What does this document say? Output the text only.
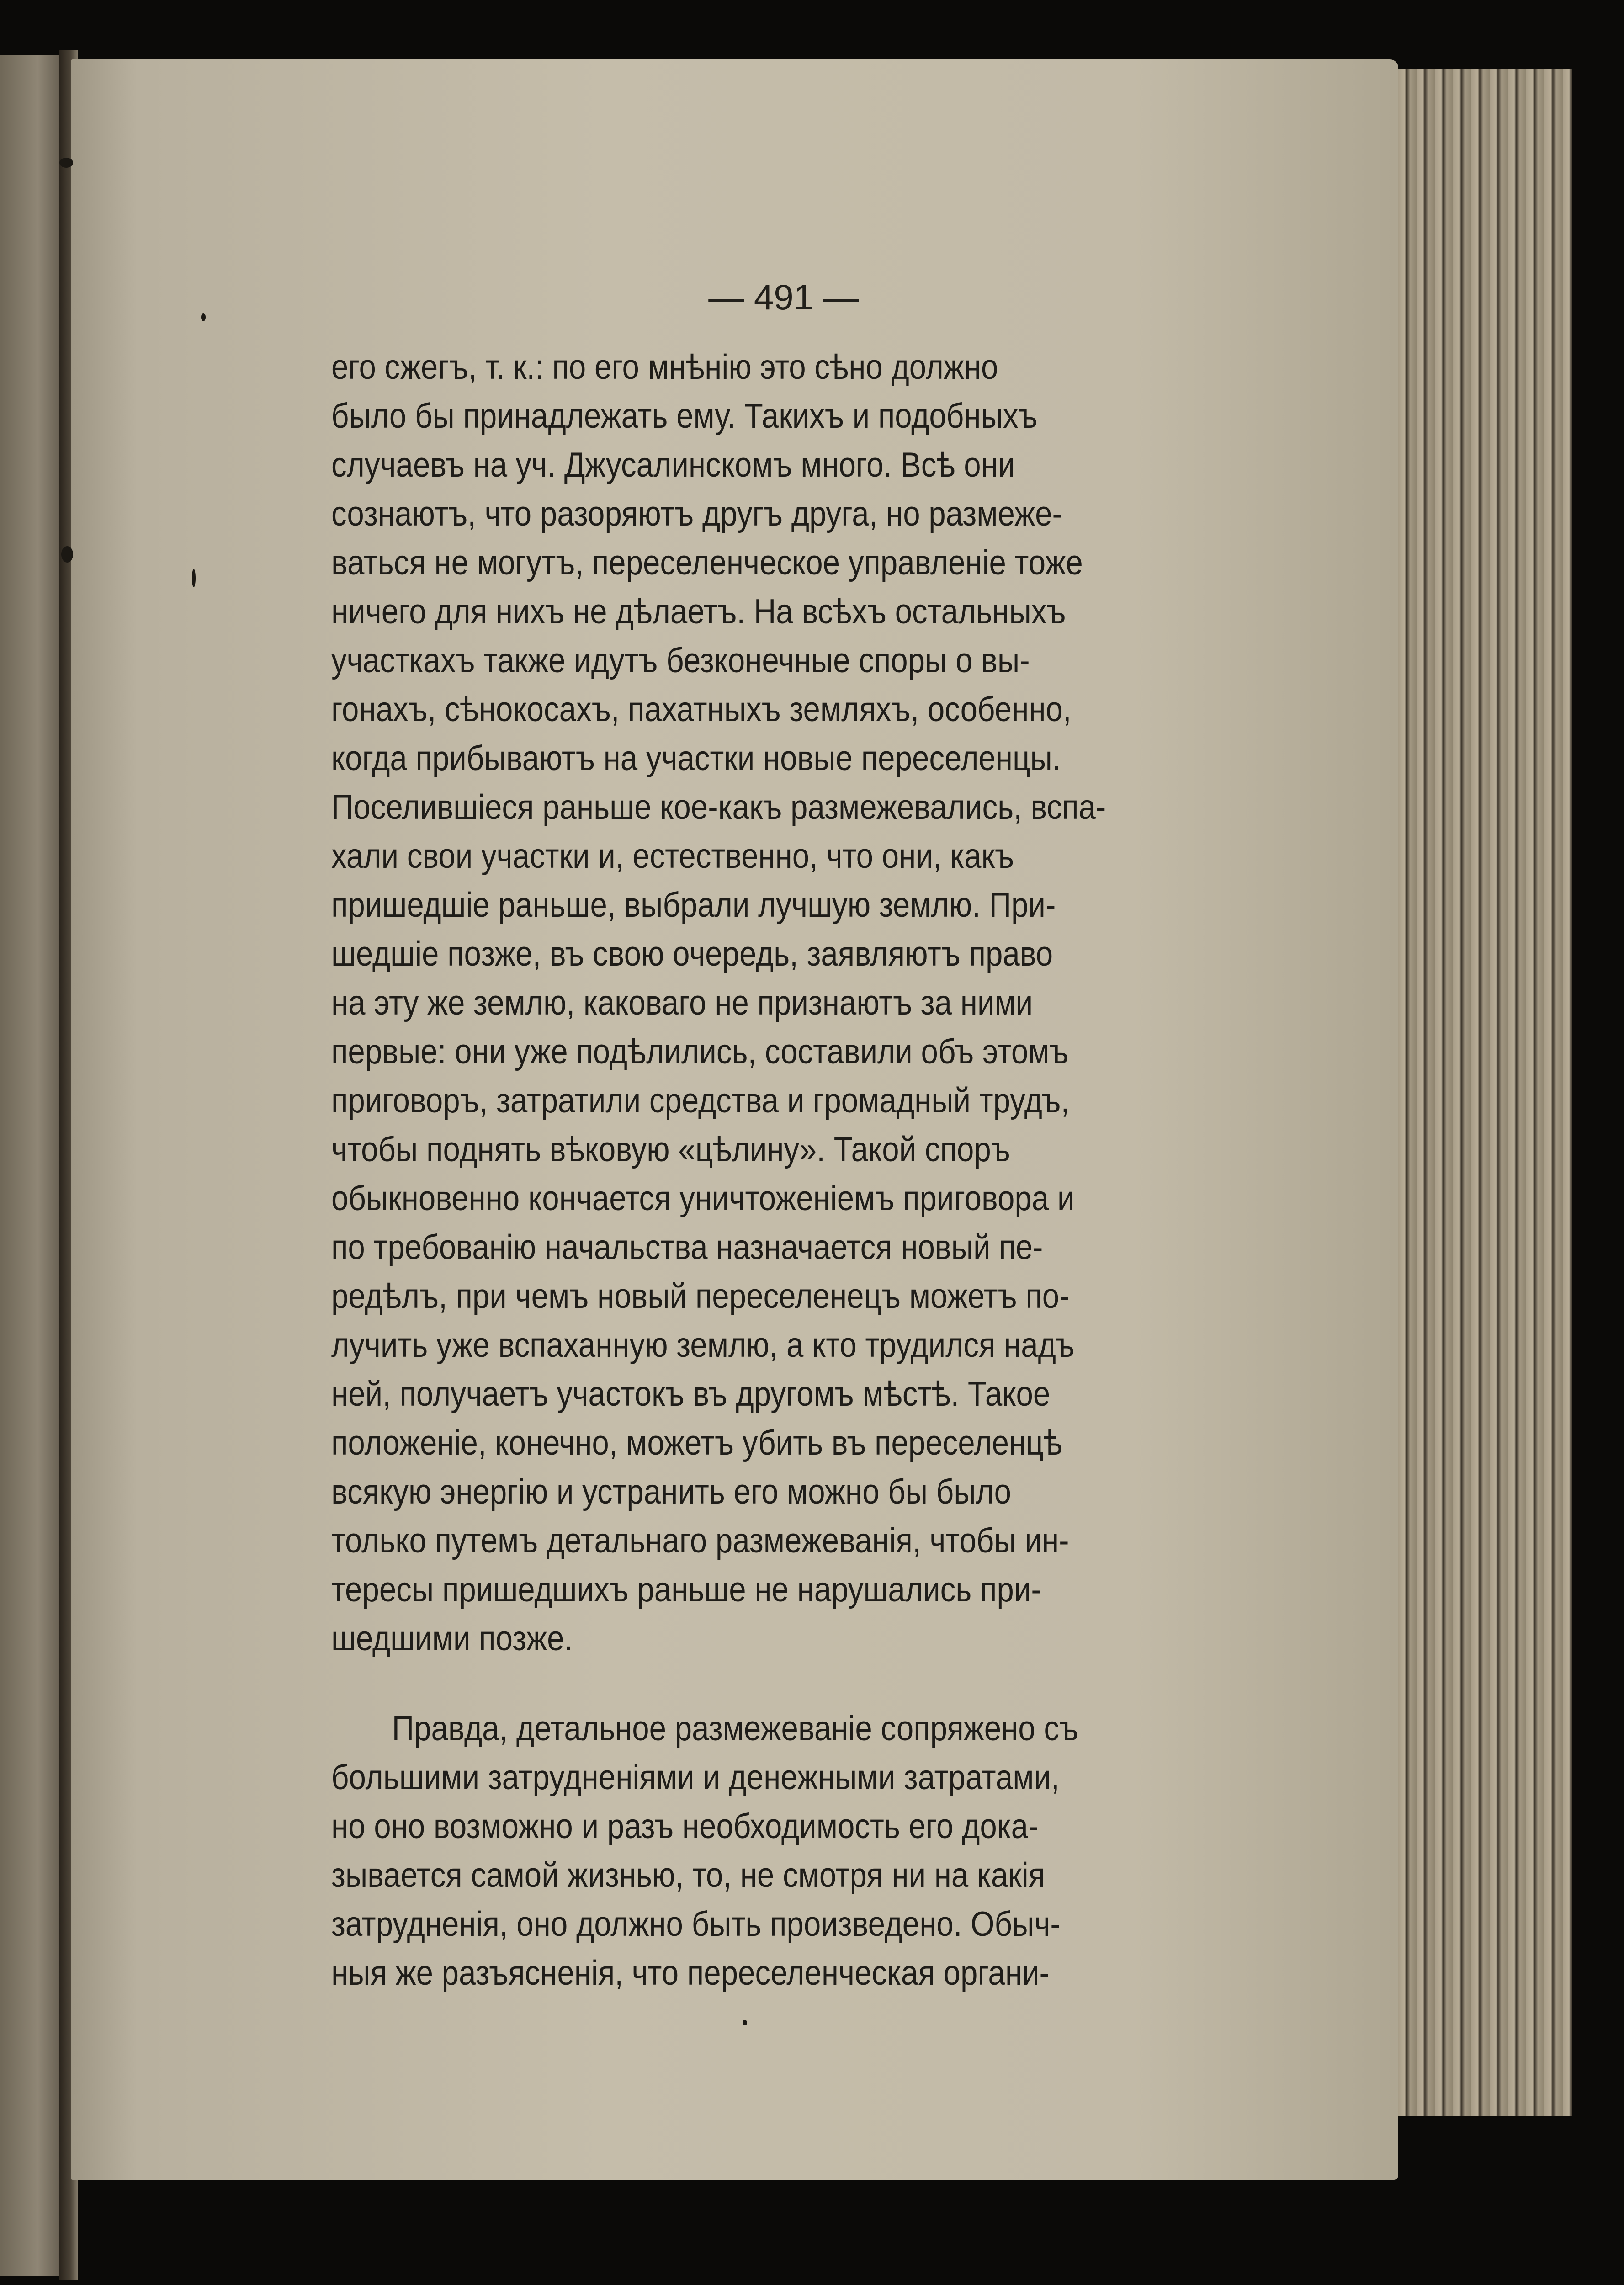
— 491 —
его сжегъ, т. к.: по его мнѣнію это сѣно должно
было бы принадлежать ему. Такихъ и подобныхъ
случаевъ на уч. Джусалинскомъ много. Всѣ они
сознаютъ, что разоряютъ другъ друга, но размеже-
ваться не могутъ, переселенческое управленіе тоже
ничего для нихъ не дѣлаетъ. На всѣхъ остальныхъ
участкахъ также идутъ безконечные споры о вы-
гонахъ, сѣнокосахъ, пахатныхъ земляхъ, особенно,
когда прибываютъ на участки новые переселенцы.
Поселившіеся раньше кое-какъ размежевались, вспа-
хали свои участки и, естественно, что они, какъ
пришедшіе раньше, выбрали лучшую землю. При-
шедшіе позже, въ свою очередь, заявляютъ право
на эту же землю, каковаго не признаютъ за ними
первые: они уже подѣлились, составили объ этомъ
приговоръ, затратили средства и громадный трудъ,
чтобы поднять вѣковую «цѣлину». Такой споръ
обыкновенно кончается уничтоженіемъ приговора и
по требованію начальства назначается новый пе-
редѣлъ, при чемъ новый переселенецъ можетъ по-
лучить уже вспаханную землю, а кто трудился надъ
ней, получаетъ участокъ въ другомъ мѣстѣ. Такое
положеніе, конечно, можетъ убить въ переселенцѣ
всякую энергію и устранить его можно бы было
только путемъ детальнаго размежеванія, чтобы ин-
тересы пришедшихъ раньше не нарушались при-
шедшими позже.
Правда, детальное размежеваніе сопряжено съ
большими затрудненіями и денежными затратами,
но оно возможно и разъ необходимость его дока-
зывается самой жизнью, то, не смотря ни на какія
затрудненія, оно должно быть произведено. Обыч-
ныя же разъясненія, что переселенческая органи-
